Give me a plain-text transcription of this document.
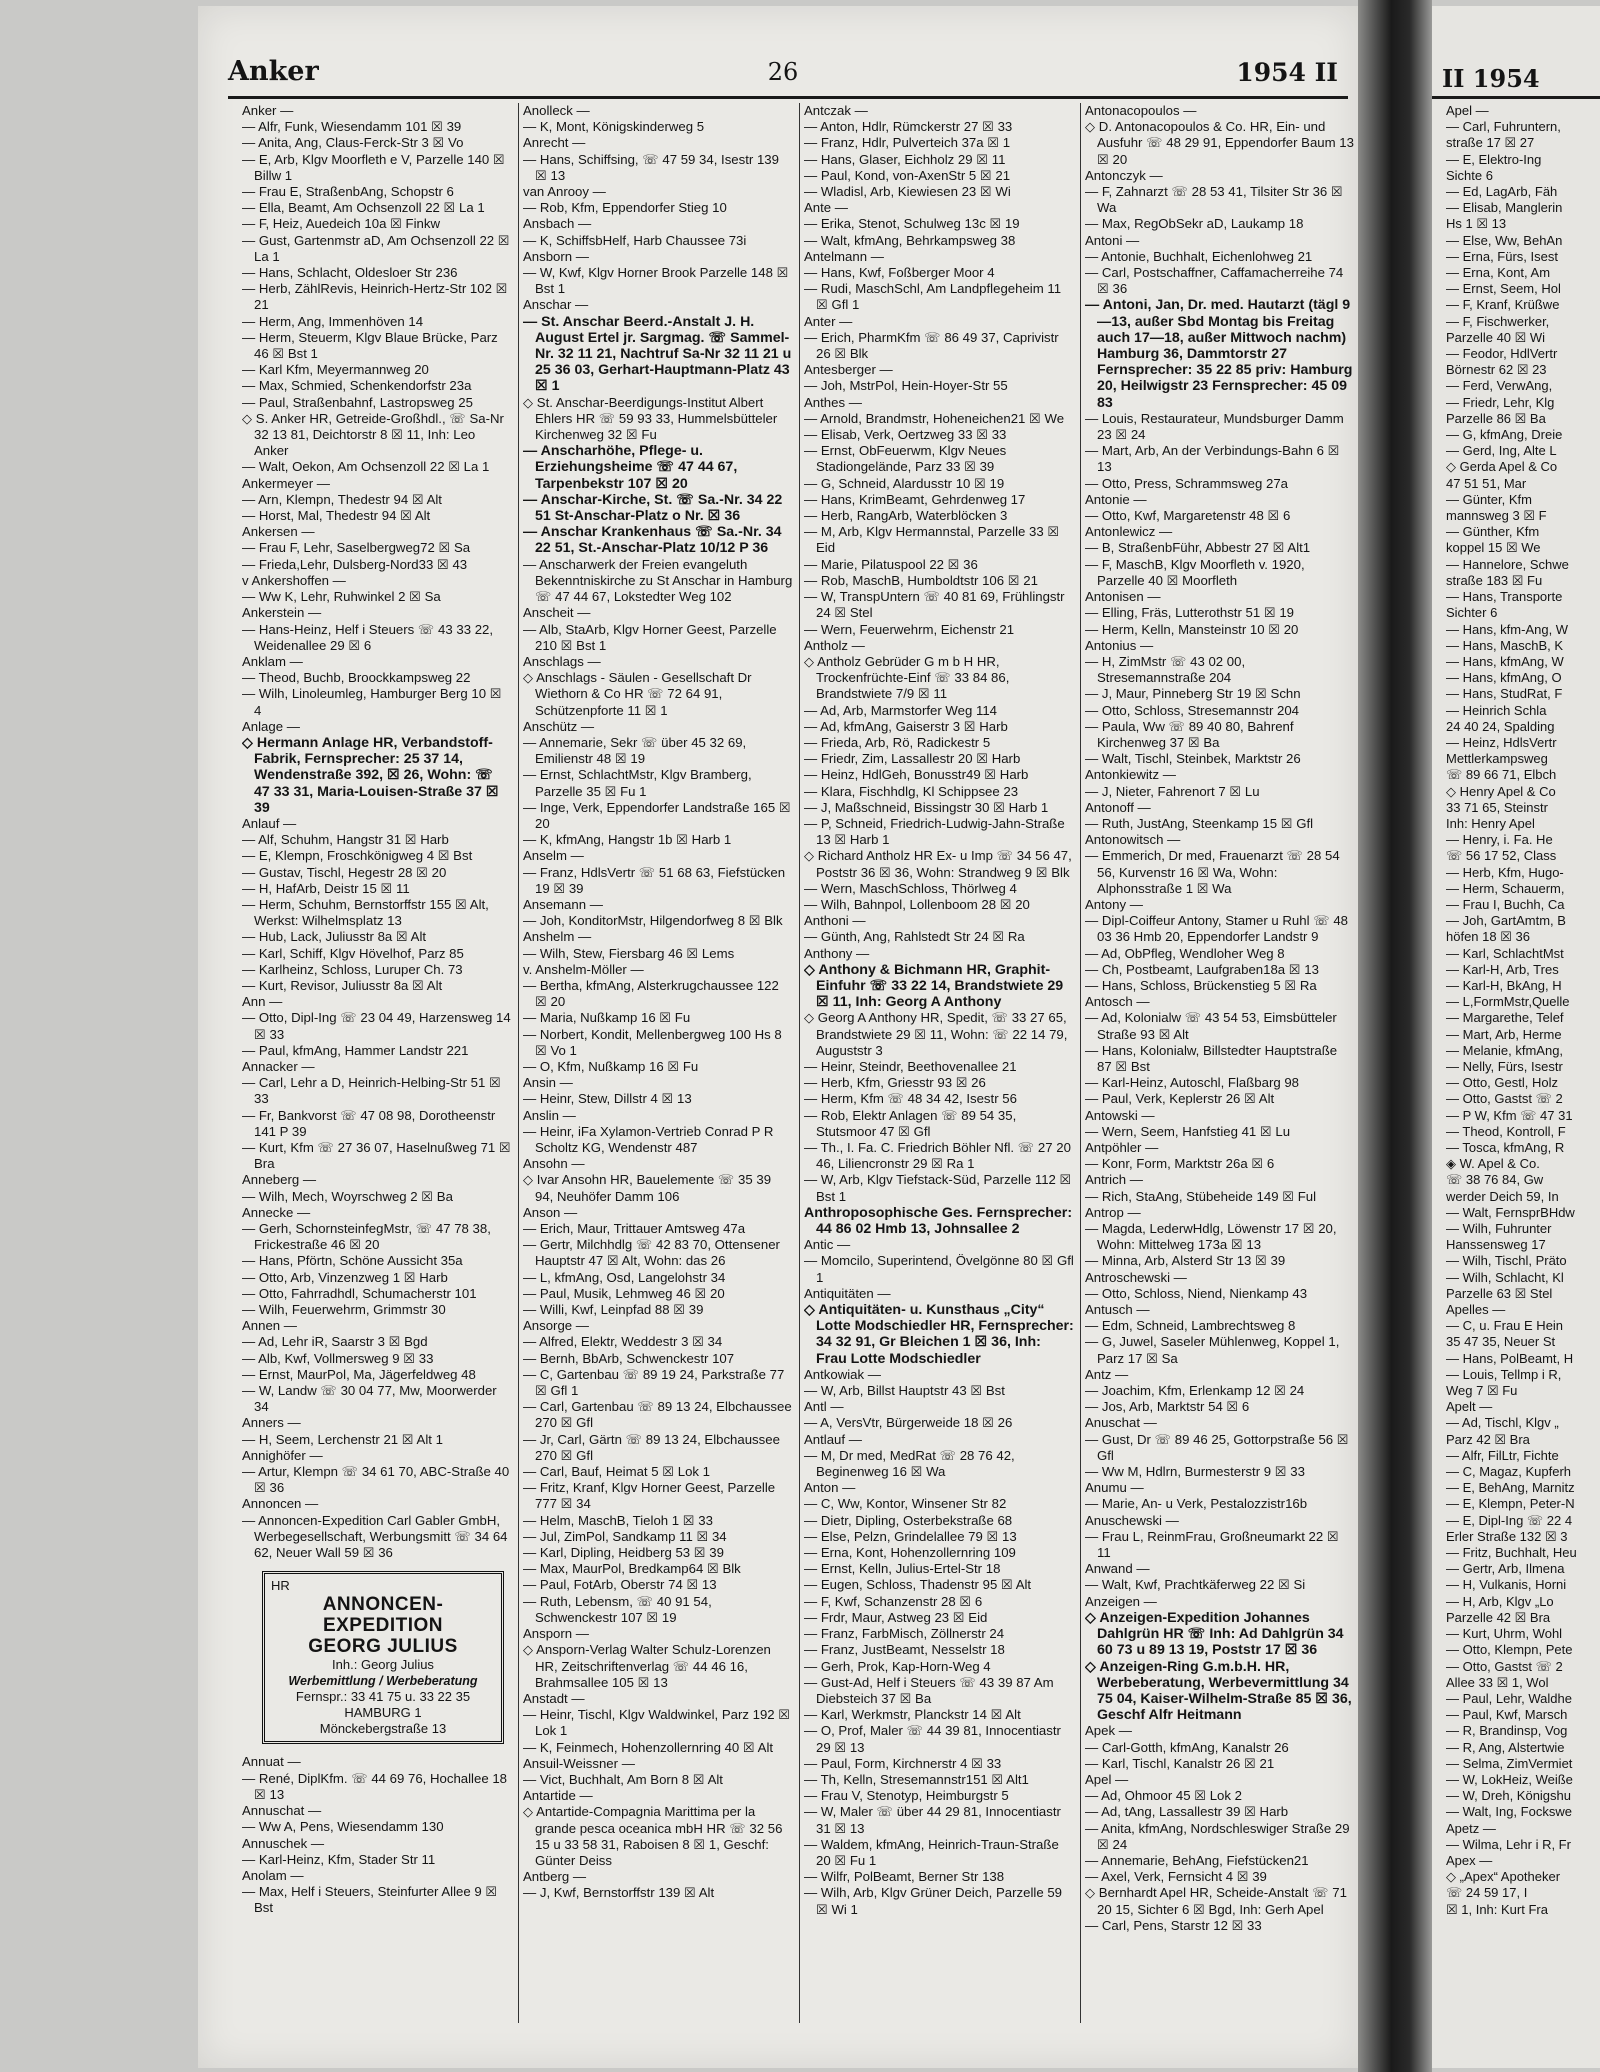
Anker	26	1954 II
Anker —
— Alfr, Funk, Wiesendamm 101 ☒ 39
— Anita, Ang, Claus-Ferck-Str 3 ☒ Vo
— E, Arb, Klgv Moorfleth e V, Parzelle 140 ☒ Billw 1
— Frau E, StraßenbAng, Schopstr 6
— Ella, Beamt, Am Ochsenzoll 22 ☒ La 1
— F, Heiz, Auedeich 10a ☒ Finkw
— Gust, Gartenmstr aD, Am Ochsenzoll 22 ☒ La 1
— Hans, Schlacht, Oldesloer Str 236
— Herb, ZählRevis, Heinrich-Hertz-Str 102 ☒ 21
— Herm, Ang, Immenhöven 14
— Herm, Steuerm, Klgv Blaue Brücke, Parz 46 ☒ Bst 1
— Karl Kfm, Meyermannweg 20
— Max, Schmied, Schenkendorfstr 23a
— Paul, Straßenbahnf, Lastropsweg 25
◇ S. Anker HR, Getreide-Großhdl., ☏ Sa-Nr 32 13 81, Deichtorstr 8 ☒ 11, Inh: Leo Anker
— Walt, Oekon, Am Ochsenzoll 22 ☒ La 1
Ankermeyer —
— Arn, Klempn, Thedestr 94 ☒ Alt
— Horst, Mal, Thedestr 94 ☒ Alt
Ankersen —
— Frau F, Lehr, Saselbergweg72 ☒ Sa
— Frieda,Lehr, Dulsberg-Nord33 ☒ 43
v Ankershoffen —
— Ww K, Lehr, Ruhwinkel 2 ☒ Sa
Ankerstein —
— Hans-Heinz, Helf i Steuers ☏ 43 33 22, Weidenallee 29 ☒ 6
Anklam —
— Theod, Buchb, Broockkampsweg 22
— Wilh, Linoleumleg, Hamburger Berg 10 ☒ 4
Anlage —
◇ Hermann Anlage HR, Verbandstoff-Fabrik, Fernsprecher: 25 37 14, Wendenstraße 392, ☒ 26, Wohn: ☏ 47 33 31, Maria-Louisen-Straße 37 ☒ 39
Anlauf —
— Alf, Schuhm, Hangstr 31 ☒ Harb
— E, Klempn, Froschkönigweg 4 ☒ Bst
— Gustav, Tischl, Hegestr 28 ☒ 20
— H, HafArb, Deistr 15 ☒ 11
— Herm, Schuhm, Bernstorffstr 155 ☒ Alt, Werkst: Wilhelmsplatz 13
— Hub, Lack, Juliusstr 8a ☒ Alt
— Karl, Schiff, Klgv Hövelhof, Parz 85
— Karlheinz, Schloss, Luruper Ch. 73
— Kurt, Revisor, Juliusstr 8a ☒ Alt
Ann —
— Otto, Dipl-Ing ☏ 23 04 49, Harzensweg 14 ☒ 33
— Paul, kfmAng, Hammer Landstr 221
Annacker —
— Carl, Lehr a D, Heinrich-Helbing-Str 51 ☒ 33
— Fr, Bankvorst ☏ 47 08 98, Dorotheenstr 141 P 39
— Kurt, Kfm ☏ 27 36 07, Haselnußweg 71 ☒ Bra
Anneberg —
— Wilh, Mech, Woyrschweg 2 ☒ Ba
Annecke —
— Gerh, SchornsteinfegMstr, ☏ 47 78 38, Frickestraße 46 ☒ 20
— Hans, Pförtn, Schöne Aussicht 35a
— Otto, Arb, Vinzenzweg 1 ☒ Harb
— Otto, Fahrradhdl, Schumacherstr 101
— Wilh, Feuerwehrm, Grimmstr 30
Annen —
— Ad, Lehr iR, Saarstr 3 ☒ Bgd
— Alb, Kwf, Vollmersweg 9 ☒ 33
— Ernst, MaurPol, Ma, Jägerfeldweg 48
— W, Landw ☏ 30 04 77, Mw, Moorwerder 34
Anners —
— H, Seem, Lerchenstr 21 ☒ Alt 1
Annighöfer —
— Artur, Klempn ☏ 34 61 70, ABC-Straße 40 ☒ 36
Annoncen —
— Annoncen-Expedition Carl Gabler GmbH, Werbegesellschaft, Werbungsmitt ☏ 34 64 62, Neuer Wall 59 ☒ 36
HR
ANNONCEN-EXPEDITION
GEORG JULIUS
Inh.: Georg Julius
Werbemittlung / Werbeberatung
Fernspr.: 33 41 75 u. 33 22 35
HAMBURG 1
Mönckebergstraße 13
Annuat —
— René, DiplKfm. ☏ 44 69 76, Hochallee 18 ☒ 13
Annuschat —
— Ww A, Pens, Wiesendamm 130
Annuschek —
— Karl-Heinz, Kfm, Stader Str 11
Anolam —
— Max, Helf i Steuers, Steinfurter Allee 9 ☒ Bst
Anolleck —
— K, Mont, Königskinderweg 5
Anrecht —
— Hans, Schiffsing, ☏ 47 59 34, Isestr 139 ☒ 13
van Anrooy —
— Rob, Kfm, Eppendorfer Stieg 10
Ansbach —
— K, SchiffsbHelf, Harb Chaussee 73i
Ansborn —
— W, Kwf, Klgv Horner Brook Parzelle 148 ☒ Bst 1
Anschar —
— St. Anschar Beerd.-Anstalt J. H. August Ertel jr. Sargmag. ☏ Sammel-Nr. 32 11 21, Nachtruf Sa-Nr 32 11 21 u 25 36 03, Gerhart-Hauptmann-Platz 43 ☒ 1
◇ St. Anschar-Beerdigungs-Institut Albert Ehlers HR ☏ 59 93 33, Hummelsbütteler Kirchenweg 32 ☒ Fu
— Anscharhöhe, Pflege- u. Erziehungsheime ☏ 47 44 67, Tarpenbekstr 107 ☒ 20
— Anschar-Kirche, St. ☏ Sa.-Nr. 34 22 51 St-Anschar-Platz o Nr. ☒ 36
— Anschar Krankenhaus ☏ Sa.-Nr. 34 22 51, St.-Anschar-Platz 10/12 P 36
— Anscharwerk der Freien evangeluth Bekenntniskirche zu St Anschar in Hamburg ☏ 47 44 67, Lokstedter Weg 102
Anscheit —
— Alb, StaArb, Klgv Horner Geest, Parzelle 210 ☒ Bst 1
Anschlags —
◇ Anschlags - Säulen - Gesellschaft Dr Wiethorn & Co HR ☏ 72 64 91, Schützenpforte 11 ☒ 1
Anschütz —
— Annemarie, Sekr ☏ über 45 32 69, Emilienstr 48 ☒ 19
— Ernst, SchlachtMstr, Klgv Bramberg, Parzelle 35 ☒ Fu 1
— Inge, Verk, Eppendorfer Landstraße 165 ☒ 20
— K, kfmAng, Hangstr 1b ☒ Harb 1
Anselm —
— Franz, HdlsVertr ☏ 51 68 63, Fiefstücken 19 ☒ 39
Ansemann —
— Joh, KonditorMstr, Hilgendorfweg 8 ☒ Blk
Anshelm —
— Wilh, Stew, Fiersbarg 46 ☒ Lems
v. Anshelm-Möller —
— Bertha, kfmAng, Alsterkrugchaussee 122 ☒ 20
— Maria, Nußkamp 16 ☒ Fu
— Norbert, Kondit, Mellenbergweg 100 Hs 8 ☒ Vo 1
— O, Kfm, Nußkamp 16 ☒ Fu
Ansin —
— Heinr, Stew, Dillstr 4 ☒ 13
Anslin —
— Heinr, iFa Xylamon-Vertrieb Conrad P R Scholtz KG, Wendenstr 487
Ansohn —
◇ Ivar Ansohn HR, Bauelemente ☏ 35 39 94, Neuhöfer Damm 106
Anson —
— Erich, Maur, Trittauer Amtsweg 47a
— Gertr, Milchhdlg ☏ 42 83 70, Ottensener Hauptstr 47 ☒ Alt, Wohn: das 26
— L, kfmAng, Osd, Langelohstr 34
— Paul, Musik, Lehmweg 46 ☒ 20
— Willi, Kwf, Leinpfad 88 ☒ 39
Ansorge —
— Alfred, Elektr, Weddestr 3 ☒ 34
— Bernh, BbArb, Schwenckestr 107
— C, Gartenbau ☏ 89 19 24, Parkstraße 77 ☒ Gfl 1
— Carl, Gartenbau ☏ 89 13 24, Elbchaussee 270 ☒ Gfl
— Jr, Carl, Gärtn ☏ 89 13 24, Elbchaussee 270 ☒ Gfl
— Carl, Bauf, Heimat 5 ☒ Lok 1
— Fritz, Kranf, Klgv Horner Geest, Parzelle 777 ☒ 34
— Helm, MaschB, Tieloh 1 ☒ 33
— Jul, ZimPol, Sandkamp 11 ☒ 34
— Karl, Dipling, Heidberg 53 ☒ 39
— Max, MaurPol, Bredkamp64 ☒ Blk
— Paul, FotArb, Oberstr 74 ☒ 13
— Ruth, Lebensm, ☏ 40 91 54, Schwenckestr 107 ☒ 19
Ansporn —
◇ Ansporn-Verlag Walter Schulz-Lorenzen HR, Zeitschriftenverlag ☏ 44 46 16, Brahmsallee 105 ☒ 13
Anstadt —
— Heinr, Tischl, Klgv Waldwinkel, Parz 192 ☒ Lok 1
— K, Feinmech, Hohenzollernring 40 ☒ Alt
Ansuil-Weissner —
— Vict, Buchhalt, Am Born 8 ☒ Alt
Antartide —
◇ Antartide-Compagnia Marittima per la grande pesca oceanica mbH HR ☏ 32 56 15 u 33 58 31, Raboisen 8 ☒ 1, Geschf: Günter Deiss
Antberg —
— J, Kwf, Bernstorffstr 139 ☒ Alt
Antczak —
— Anton, Hdlr, Rümckerstr 27 ☒ 33
— Franz, Hdlr, Pulverteich 37a ☒ 1
— Hans, Glaser, Eichholz 29 ☒ 11
— Paul, Kond, von-AxenStr 5 ☒ 21
— Wladisl, Arb, Kiewiesen 23 ☒ Wi
Ante —
— Erika, Stenot, Schulweg 13c ☒ 19
— Walt, kfmAng, Behrkampsweg 38
Antelmann —
— Hans, Kwf, Foßberger Moor 4
— Rudi, MaschSchl, Am Landpflegeheim 11 ☒ Gfl 1
Anter —
— Erich, PharmKfm ☏ 86 49 37, Caprivistr 26 ☒ Blk
Antesberger —
— Joh, MstrPol, Hein-Hoyer-Str 55
Anthes —
— Arnold, Brandmstr, Hoheneichen21 ☒ We
— Elisab, Verk, Oertzweg 33 ☒ 33
— Ernst, ObFeuerwm, Klgv Neues Stadiongelände, Parz 33 ☒ 39
— G, Schneid, Alardusstr 10 ☒ 19
— Hans, KrimBeamt, Gehrdenweg 17
— Herb, RangArb, Waterblöcken 3
— M, Arb, Klgv Hermannstal, Parzelle 33 ☒ Eid
— Marie, Pilatuspool 22 ☒ 36
— Rob, MaschB, Humboldtstr 106 ☒ 21
— W, TranspUntern ☏ 40 81 69, Frühlingstr 24 ☒ Stel
— Wern, Feuerwehrm, Eichenstr 21
Antholz —
◇ Antholz Gebrüder G m b H HR, Trockenfrüchte-Einf ☏ 33 84 86, Brandstwiete 7/9 ☒ 11
— Ad, Arb, Marmstorfer Weg 114
— Ad, kfmAng, Gaiserstr 3 ☒ Harb
— Frieda, Arb, Rö, Radickestr 5
— Friedr, Zim, Lassallestr 20 ☒ Harb
— Heinz, HdlGeh, Bonusstr49 ☒ Harb
— Klara, Fischhdlg, Kl Schippsee 23
— J, Maßschneid, Bissingstr 30 ☒ Harb 1
— P, Schneid, Friedrich-Ludwig-Jahn-Straße 13 ☒ Harb 1
◇ Richard Antholz HR Ex- u Imp ☏ 34 56 47, Poststr 36 ☒ 36, Wohn: Strandweg 9 ☒ Blk
— Wern, MaschSchloss, Thörlweg 4
— Wilh, Bahnpol, Lollenboom 28 ☒ 20
Anthoni —
— Günth, Ang, Rahlstedt Str 24 ☒ Ra
Anthony —
◇ Anthony & Bichmann HR, Graphit-Einfuhr ☏ 33 22 14, Brandstwiete 29 ☒ 11, Inh: Georg A Anthony
◇ Georg A Anthony HR, Spedit, ☏ 33 27 65, Brandstwiete 29 ☒ 11, Wohn: ☏ 22 14 79, Auguststr 3
— Heinr, Steindr, Beethovenallee 21
— Herb, Kfm, Griesstr 93 ☒ 26
— Herm, Kfm ☏ 48 34 42, Isestr 56
— Rob, Elektr Anlagen ☏ 89 54 35, Stutsmoor 47 ☒ Gfl
— Th., I. Fa. C. Friedrich Böhler Nfl. ☏ 27 20 46, Liliencronstr 29 ☒ Ra 1
— W, Arb, Klgv Tiefstack-Süd, Parzelle 112 ☒ Bst 1
Anthroposophische Ges. Fernsprecher: 44 86 02 Hmb 13, Johnsallee 2
Antic —
— Momcilo, Superintend, Övelgönne 80 ☒ Gfl 1
Antiquitäten —
◇ Antiquitäten- u. Kunsthaus „City“ Lotte Modschiedler HR, Fernsprecher: 34 32 91, Gr Bleichen 1 ☒ 36, Inh: Frau Lotte Modschiedler
Antkowiak —
— W, Arb, Billst Hauptstr 43 ☒ Bst
Antl —
— A, VersVtr, Bürgerweide 18 ☒ 26
Antlauf —
— M, Dr med, MedRat ☏ 28 76 42, Beginenweg 16 ☒ Wa
Anton —
— C, Ww, Kontor, Winsener Str 82
— Dietr, Dipling, Osterbekstraße 68
— Else, Pelzn, Grindelallee 79 ☒ 13
— Erna, Kont, Hohenzollernring 109
— Ernst, Kelln, Julius-Ertel-Str 18
— Eugen, Schloss, Thadenstr 95 ☒ Alt
— F, Kwf, Schanzenstr 28 ☒ 6
— Frdr, Maur, Astweg 23 ☒ Eid
— Franz, FarbMisch, Zöllnerstr 24
— Franz, JustBeamt, Nesselstr 18
— Gerh, Prok, Kap-Horn-Weg 4
— Gust-Ad, Helf i Steuers ☏ 43 39 87 Am Diebsteich 37 ☒ Ba
— Karl, Werkmstr, Planckstr 14 ☒ Alt
— O, Prof, Maler ☏ 44 39 81, Innocentiastr 29 ☒ 13
— Paul, Form, Kirchnerstr 4 ☒ 33
— Th, Kelln, Stresemannstr151 ☒ Alt1
— Frau V, Stenotyp, Heimburgstr 5
— W, Maler ☏ über 44 29 81, Innocentiastr 31 ☒ 13
— Waldem, kfmAng, Heinrich-Traun-Straße 20 ☒ Fu 1
— Wilfr, PolBeamt, Berner Str 138
— Wilh, Arb, Klgv Grüner Deich, Parzelle 59 ☒ Wi 1
Antonacopoulos —
◇ D. Antonacopoulos & Co. HR, Ein- und Ausfuhr ☏ 48 29 91, Eppendorfer Baum 13 ☒ 20
Antonczyk —
— F, Zahnarzt ☏ 28 53 41, Tilsiter Str 36 ☒ Wa
— Max, RegObSekr aD, Laukamp 18
Antoni —
— Antonie, Buchhalt, Eichenlohweg 21
— Carl, Postschaffner, Caffamacherreihe 74 ☒ 36
— Antoni, Jan, Dr. med. Hautarzt (tägl 9—13, außer Sbd Montag bis Freitag auch 17—18, außer Mittwoch nachm) Hamburg 36, Dammtorstr 27 Fernsprecher: 35 22 85 priv: Hamburg 20, Heilwigstr 23 Fernsprecher: 45 09 83
— Louis, Restaurateur, Mundsburger Damm 23 ☒ 24
— Mart, Arb, An der Verbindungs-Bahn 6 ☒ 13
— Otto, Press, Schrammsweg 27a
Antonie —
— Otto, Kwf, Margaretenstr 48 ☒ 6
Antonlewicz —
— B, StraßenbFühr, Abbestr 27 ☒ Alt1
— F, MaschB, Klgv Moorfleth v. 1920, Parzelle 40 ☒ Moorfleth
Antonisen —
— Elling, Fräs, Lutterothstr 51 ☒ 19
— Herm, Kelln, Mansteinstr 10 ☒ 20
Antonius —
— H, ZimMstr ☏ 43 02 00, Stresemannstraße 204
— J, Maur, Pinneberg Str 19 ☒ Schn
— Otto, Schloss, Stresemannstr 204
— Paula, Ww ☏ 89 40 80, Bahrenf Kirchenweg 37 ☒ Ba
— Walt, Tischl, Steinbek, Marktstr 26
Antonkiewitz —
— J, Nieter, Fahrenort 7 ☒ Lu
Antonoff —
— Ruth, JustAng, Steenkamp 15 ☒ Gfl
Antonowitsch —
— Emmerich, Dr med, Frauenarzt ☏ 28 54 56, Kurvenstr 16 ☒ Wa, Wohn: Alphonsstraße 1 ☒ Wa
Antony —
— Dipl-Coiffeur Antony, Stamer u Ruhl ☏ 48 03 36 Hmb 20, Eppendorfer Landstr 9
— Ad, ObPfleg, Wendloher Weg 8
— Ch, Postbeamt, Laufgraben18a ☒ 13
— Hans, Schloss, Brückenstieg 5 ☒ Ra
Antosch —
— Ad, Kolonialw ☏ 43 54 53, Eimsbütteler Straße 93 ☒ Alt
— Hans, Kolonialw, Billstedter Hauptstraße 87 ☒ Bst
— Karl-Heinz, Autoschl, Flaßbarg 98
— Paul, Verk, Keplerstr 26 ☒ Alt
Antowski —
— Wern, Seem, Hanfstieg 41 ☒ Lu
Antpöhler —
— Konr, Form, Marktstr 26a ☒ 6
Antrich —
— Rich, StaAng, Stübeheide 149 ☒ Ful
Antrop —
— Magda, LederwHdlg, Löwenstr 17 ☒ 20, Wohn: Mittelweg 173a ☒ 13
— Minna, Arb, Alsterd Str 13 ☒ 39
Antroschewski —
— Otto, Schloss, Niend, Nienkamp 43
Antusch —
— Edm, Schneid, Lambrechtsweg 8
— G, Juwel, Saseler Mühlenweg, Koppel 1, Parz 17 ☒ Sa
Antz —
— Joachim, Kfm, Erlenkamp 12 ☒ 24
— Jos, Arb, Marktstr 54 ☒ 6
Anuschat —
— Gust, Dr ☏ 89 46 25, Gottorpstraße 56 ☒ Gfl
— Ww M, Hdlrn, Burmesterstr 9 ☒ 33
Anumu —
— Marie, An- u Verk, Pestalozzistr16b
Anuschewski —
— Frau L, ReinmFrau, Großneumarkt 22 ☒ 11
Anwand —
— Walt, Kwf, Prachtkäferweg 22 ☒ Si
Anzeigen —
◇ Anzeigen-Expedition Johannes Dahlgrün HR ☏ Inh: Ad Dahlgrün 34 60 73 u 89 13 19, Poststr 17 ☒ 36
◇ Anzeigen-Ring G.m.b.H. HR, Werbeberatung, Werbevermittlung 34 75 04, Kaiser-Wilhelm-Straße 85 ☒ 36, Geschf Alfr Heitmann
Apek —
— Carl-Gotth, kfmAng, Kanalstr 26
— Karl, Tischl, Kanalstr 26 ☒ 21
Apel —
— Ad, Ohmoor 45 ☒ Lok 2
— Ad, tAng, Lassallestr 39 ☒ Harb
— Anita, kfmAng, Nordschleswiger Straße 29 ☒ 24
— Annemarie, BehAng, Fiefstücken21
— Axel, Verk, Fernsicht 4 ☒ 39
◇ Bernhardt Apel HR, Scheide-Anstalt ☏ 71 20 15, Sichter 6 ☒ Bgd, Inh: Gerh Apel
— Carl, Pens, Starstr 12 ☒ 33
II 1954
Apel —
— Carl, Fuhruntern,
straße 17 ☒ 27
— E, Elektro-Ing
Sichte 6
— Ed, LagArb, Fäh
— Elisab, Manglerin
Hs 1 ☒ 13
— Else, Ww, BehAn
— Erna, Fürs, Isest
— Erna, Kont, Am
— Ernst, Seem, Hol
— F, Kranf, Krüßwe
— F, Fischwerker,
Parzelle 40 ☒ Wi
— Feodor, HdlVertr
Börnestr 62 ☒ 23
— Ferd, VerwAng,
— Friedr, Lehr, Klg
Parzelle 86 ☒ Ba
— G, kfmAng, Dreie
— Gerd, Ing, Alte L
◇ Gerda Apel & Co
47 51 51, Mar
— Günter, Kfm
mannsweg 3 ☒ F
— Günther, Kfm
koppel 15 ☒ We
— Hannelore, Schwe
straße 183 ☒ Fu
— Hans, Transporte
Sichter 6
— Hans, kfm-Ang, W
— Hans, MaschB, K
— Hans, kfmAng, W
— Hans, kfmAng, O
— Hans, StudRat, F
— Heinrich Schla
24 40 24, Spalding
— Heinz, HdlsVertr
Mettlerkampsweg
☏ 89 66 71, Elbch
◇ Henry Apel & Co
33 71 65, Steinstr
Inh: Henry Apel
— Henry, i. Fa. He
☏ 56 17 52, Class
— Herb, Kfm, Hugo-
— Herm, Schauerm,
— Frau I, Buchh, Ca
— Joh, GartAmtm, B
höfen 18 ☒ 36
— Karl, SchlachtMst
— Karl-H, Arb, Tres
— Karl-H, BkAng, H
— L,FormMstr,Quelle
— Margarethe, Telef
— Mart, Arb, Herme
— Melanie, kfmAng,
— Nelly, Fürs, Isestr
— Otto, Gestl, Holz
— Otto, Gastst ☏ 2
— P W, Kfm ☏ 47 31
— Theod, Kontroll, F
— Tosca, kfmAng, R
◈ W. Apel & Co.
☏ 38 76 84, Gw
werder Deich 59, In
— Walt, FernsprBHdw
— Wilh, Fuhrunter
Hanssensweg 17
— Wilh, Tischl, Präto
— Wilh, Schlacht, Kl
Parzelle 63 ☒ Stel
Apelles —
— C, u. Frau E Hein
35 47 35, Neuer St
— Hans, PolBeamt, H
— Louis, Tellmp i R,
Weg 7 ☒ Fu
Apelt —
— Ad, Tischl, Klgv „
Parz 42 ☒ Bra
— Alfr, FilLtr, Fichte
— C, Magaz, Kupferh
— E, BehAng, Marnitz
— E, Klempn, Peter-N
— E, Dipl-Ing ☏ 22 4
Erler Straße 132 ☒ 3
— Fritz, Buchhalt, Heu
— Gertr, Arb, Ilmena
— H, Vulkanis, Horni
— H, Arb, Klgv „Lo
Parzelle 42 ☒ Bra
— Kurt, Uhrm, Wohl
— Otto, Klempn, Pete
— Otto, Gastst ☏ 2
Allee 33 ☒ 1, Wol
— Paul, Lehr, Waldhe
— Paul, Kwf, Marsch
— R, Brandinsp, Vog
— R, Ang, Alstertwie
— Selma, ZimVermiet
— W, LokHeiz, Weiße
— W, Dreh, Königshu
— Walt, Ing, Fockswe
Apetz —
— Wilma, Lehr i R, Fr
Apex —
◇ „Apex“ Apotheker
☏ 24 59 17, I
☒ 1, Inh: Kurt Fra
